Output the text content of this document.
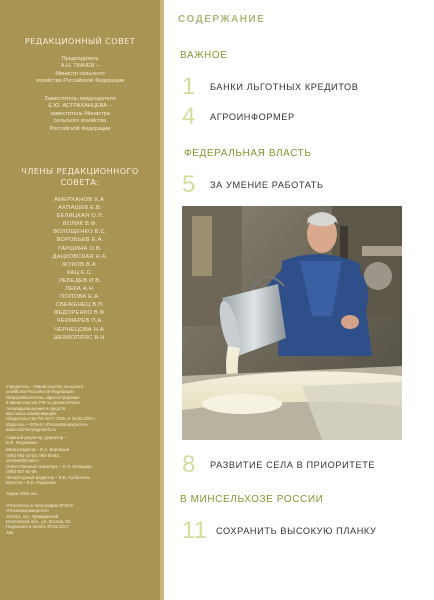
РЕДАКЦИОННЫЙ СОВЕТ
Председатель
А.Н. ТКАЧЕВ –
Министр сельского
хозяйства Российской Федерации
Заместитель председателя
Е.Ю. АСТРАХАНЦЕВА –
заместитель Министра
сельского хозяйства
Российской Федерации
ЧЛЕНЫ РЕДАКЦИОННОГО
СОВЕТА:
АМЕРХАНОВ Х.А.
АХПАШЕВ Е.В.
БЕЛИЦКАЯ О.Л.
ВОЛИК В.Ф.
ВОЛОЩЕНКО В.С.
ВОРОБЬЕВ Е.А.
ГАРШИНА О.В.
ДАЦКОВСКАЯ Н.А.
ЖУКОВ В.А.
КАЦ Е.С.
ЛЕБЕДЕВ И.В.
ЛЕКА А.Н.
ПОПОВА Е.А.
СВЕЖЕНЕЦ В.П.
ФЕДОРЕНКО В.Ф.
ЧЕКМАРЕВ П.А.
ЧЕРНЕЦОВА Н.А.
ШЕВКОПЛЯС В.Н.

Учредитель – Министерство сельского
хозяйства Российской Федерации.
Информбюллетень зарегистрирован
в Министерстве РФ по делам печати,
телерадиовещания и средств
массовых коммуникаций.
Свидетельство ПИ №77-7285 от 19.02.2001 г.
Издатель – ФГБНУ «Росинформагротех»
www.rosinformagrotech.ru

Главный редактор, директор –
В.Ф. Федоренко

Шеф-редактор – Е.А. Воробьев
(495) 993-44-04, 993-55-83,
vorob48@mail.ru
Ответственный секретарь – О.Л. Белицкая
(495) 607-62-85
Литературный редактор – Е.В. Субботина
Верстка – Е.Е. Радыгина

Тираж 4000 экз.

Отпечатано в типографии ФГБНУ
«Росинформагротех»
141261, пос. Правдинский
Московской обл., ул. Лесная, 60.
Подписано в печать 20.02.2017
Зак.

СОДЕРЖАНИЕ
ВАЖНОЕ
1 БАНКИ ЛЬГОТНЫХ КРЕДИТОВ
4 АГРОИНФОРМЕР
ФЕДЕРАЛЬНАЯ ВЛАСТЬ
5 ЗА УМЕНИЕ РАБОТАТЬ
8 РАЗВИТИЕ СЕЛА В ПРИОРИТЕТЕ
В МИНСЕЛЬХОЗЕ РОССИИ
11 СОХРАНИТЬ ВЫСОКУЮ ПЛАНКУ
